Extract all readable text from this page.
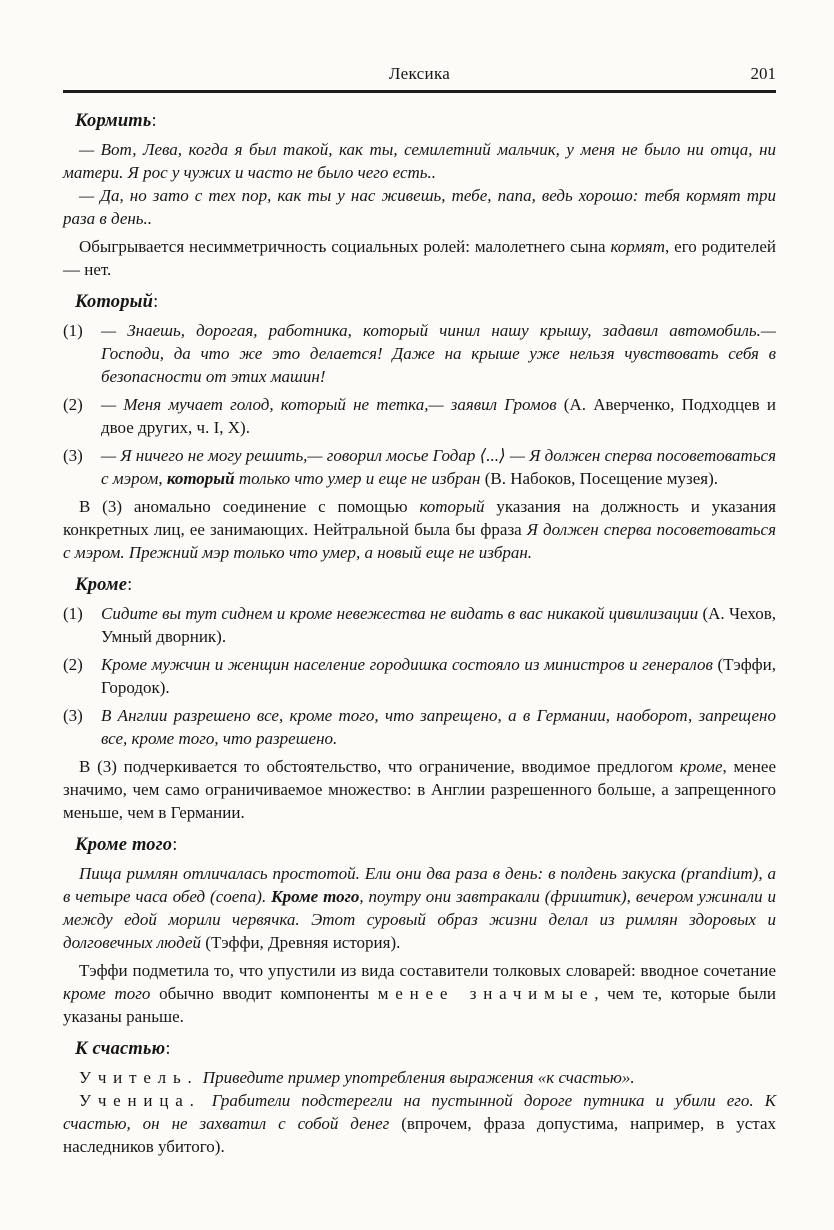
Лексика	201
Кормить:

— Вот, Лева, когда я был такой, как ты, семилетний мальчик, у меня не было ни отца, ни матери. Я рос у чужих и часто не было чего есть..

— Да, но зато с тех пор, как ты у нас живешь, тебе, папа, ведь хорошо: тебя кормят три раза в день..

Обыгрывается несимметричность социальных ролей: малолетнего сына кормят, его родителей — нет.

Который:
(1)	— Знаешь, дорогая, работника, который чинил нашу крышу, задавил автомобиль.— Господи, да что же это делается! Даже на крыше уже нельзя чувствовать себя в безопасности от этих машин!
(2)	— Меня мучает голод, который не тетка,— заявил Громов (А. Аверченко, Подходцев и двое других, ч. I, X).
(3)	— Я ничего не могу решить,— говорил мосье Годар ⟨...⟩ — Я должен сперва посоветоваться с мэром, который только что умер и еще не избран (В. Набоков, Посещение музея).

В (3) аномально соединение с помощью который указания на должность и указания конкретных лиц, ее занимающих. Нейтральной была бы фраза Я должен сперва посоветоваться с мэром. Прежний мэр только что умер, а новый еще не избран.

Кроме:
(1)	Сидите вы тут сиднем и кроме невежества не видать в вас никакой цивилизации (А. Чехов, Умный дворник).
(2)	Кроме мужчин и женщин население городишка состояло из министров и генералов (Тэффи, Городок).
(3)	В Англии разрешено все, кроме того, что запрещено, а в Германии, наоборот, запрещено все, кроме того, что разрешено.

В (3) подчеркивается то обстоятельство, что ограничение, вводимое предлогом кроме, менее значимо, чем само ограничиваемое множество: в Англии разрешенного больше, а запрещенного меньше, чем в Германии.

Кроме того:

Пища римлян отличалась простотой. Ели они два раза в день: в полдень закуска (prandium), а в четыре часа обед (coena). Кроме того, поутру они завтракали (фриштик), вечером ужинали и между едой морили червячка. Этот суровый образ жизни делал из римлян здоровых и долговечных людей (Тэффи, Древняя история).

Тэффи подметила то, что упустили из вида составители толковых словарей: вводное сочетание кроме того обычно вводит компоненты менее значимые, чем те, которые были указаны раньше.

К счастью:

Учитель. Приведите пример употребления выражения «к счастью».

Ученица. Грабители подстерегли на пустынной дороге путника и убили его. К счастью, он не захватил с собой денег (впрочем, фраза допустима, например, в устах наследников убитого).
